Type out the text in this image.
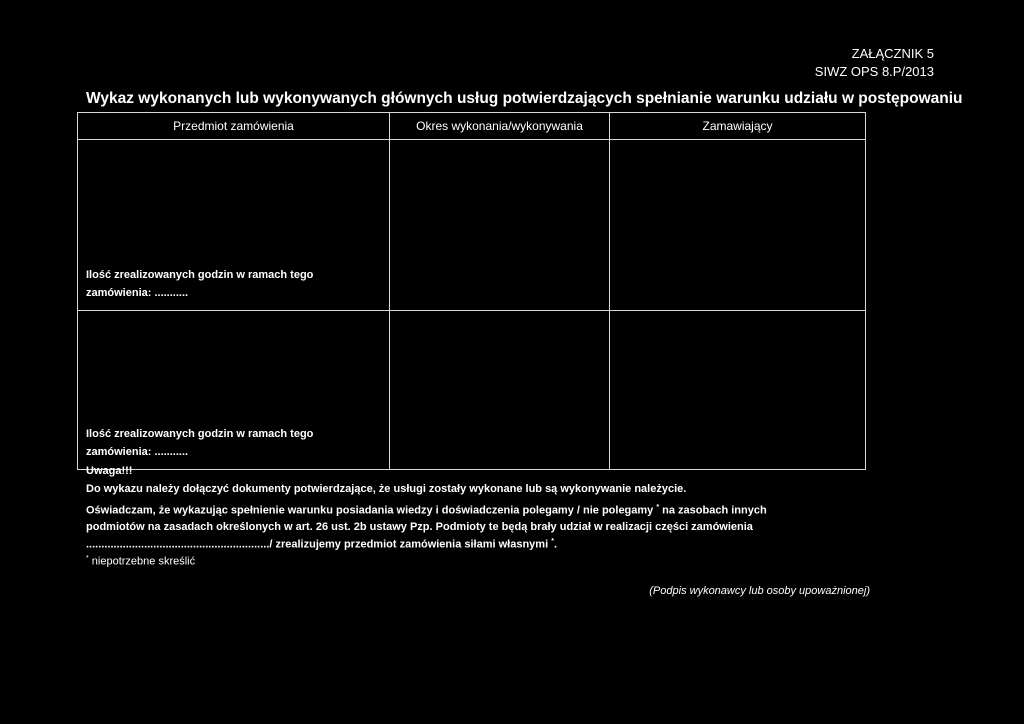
ZAŁĄCZNIK 5
SIWZ OPS 8.P/2013
Wykaz wykonanych lub wykonywanych głównych usług potwierdzających spełnianie warunku udziału w postępowaniu
Przedmiot zamówienia	Okres wykonania/wykonywania	Zamawiający

Ilość zrealizowanych godzin w ramach tego
zamówienia: ...........		

Ilość zrealizowanych godzin w ramach tego
zamówienia: ...........		

Uwaga!!!
Do wykazu należy dołączyć dokumenty potwierdzające, że usługi zostały wykonane lub są wykonywanie należycie.
Oświadczam, że wykazując spełnienie warunku posiadania wiedzy i doświadczenia polegamy / nie polegamy * na zasobach innych
podmiotów na zasadach określonych w art. 26 ust. 2b ustawy Pzp. Podmioty te będą brały udział w realizacji części zamówienia
............................................................/ zrealizujemy przedmiot zamówienia siłami własnymi *.
* niepotrzebne skreślić
(Podpis wykonawcy lub osoby upoważnionej)
